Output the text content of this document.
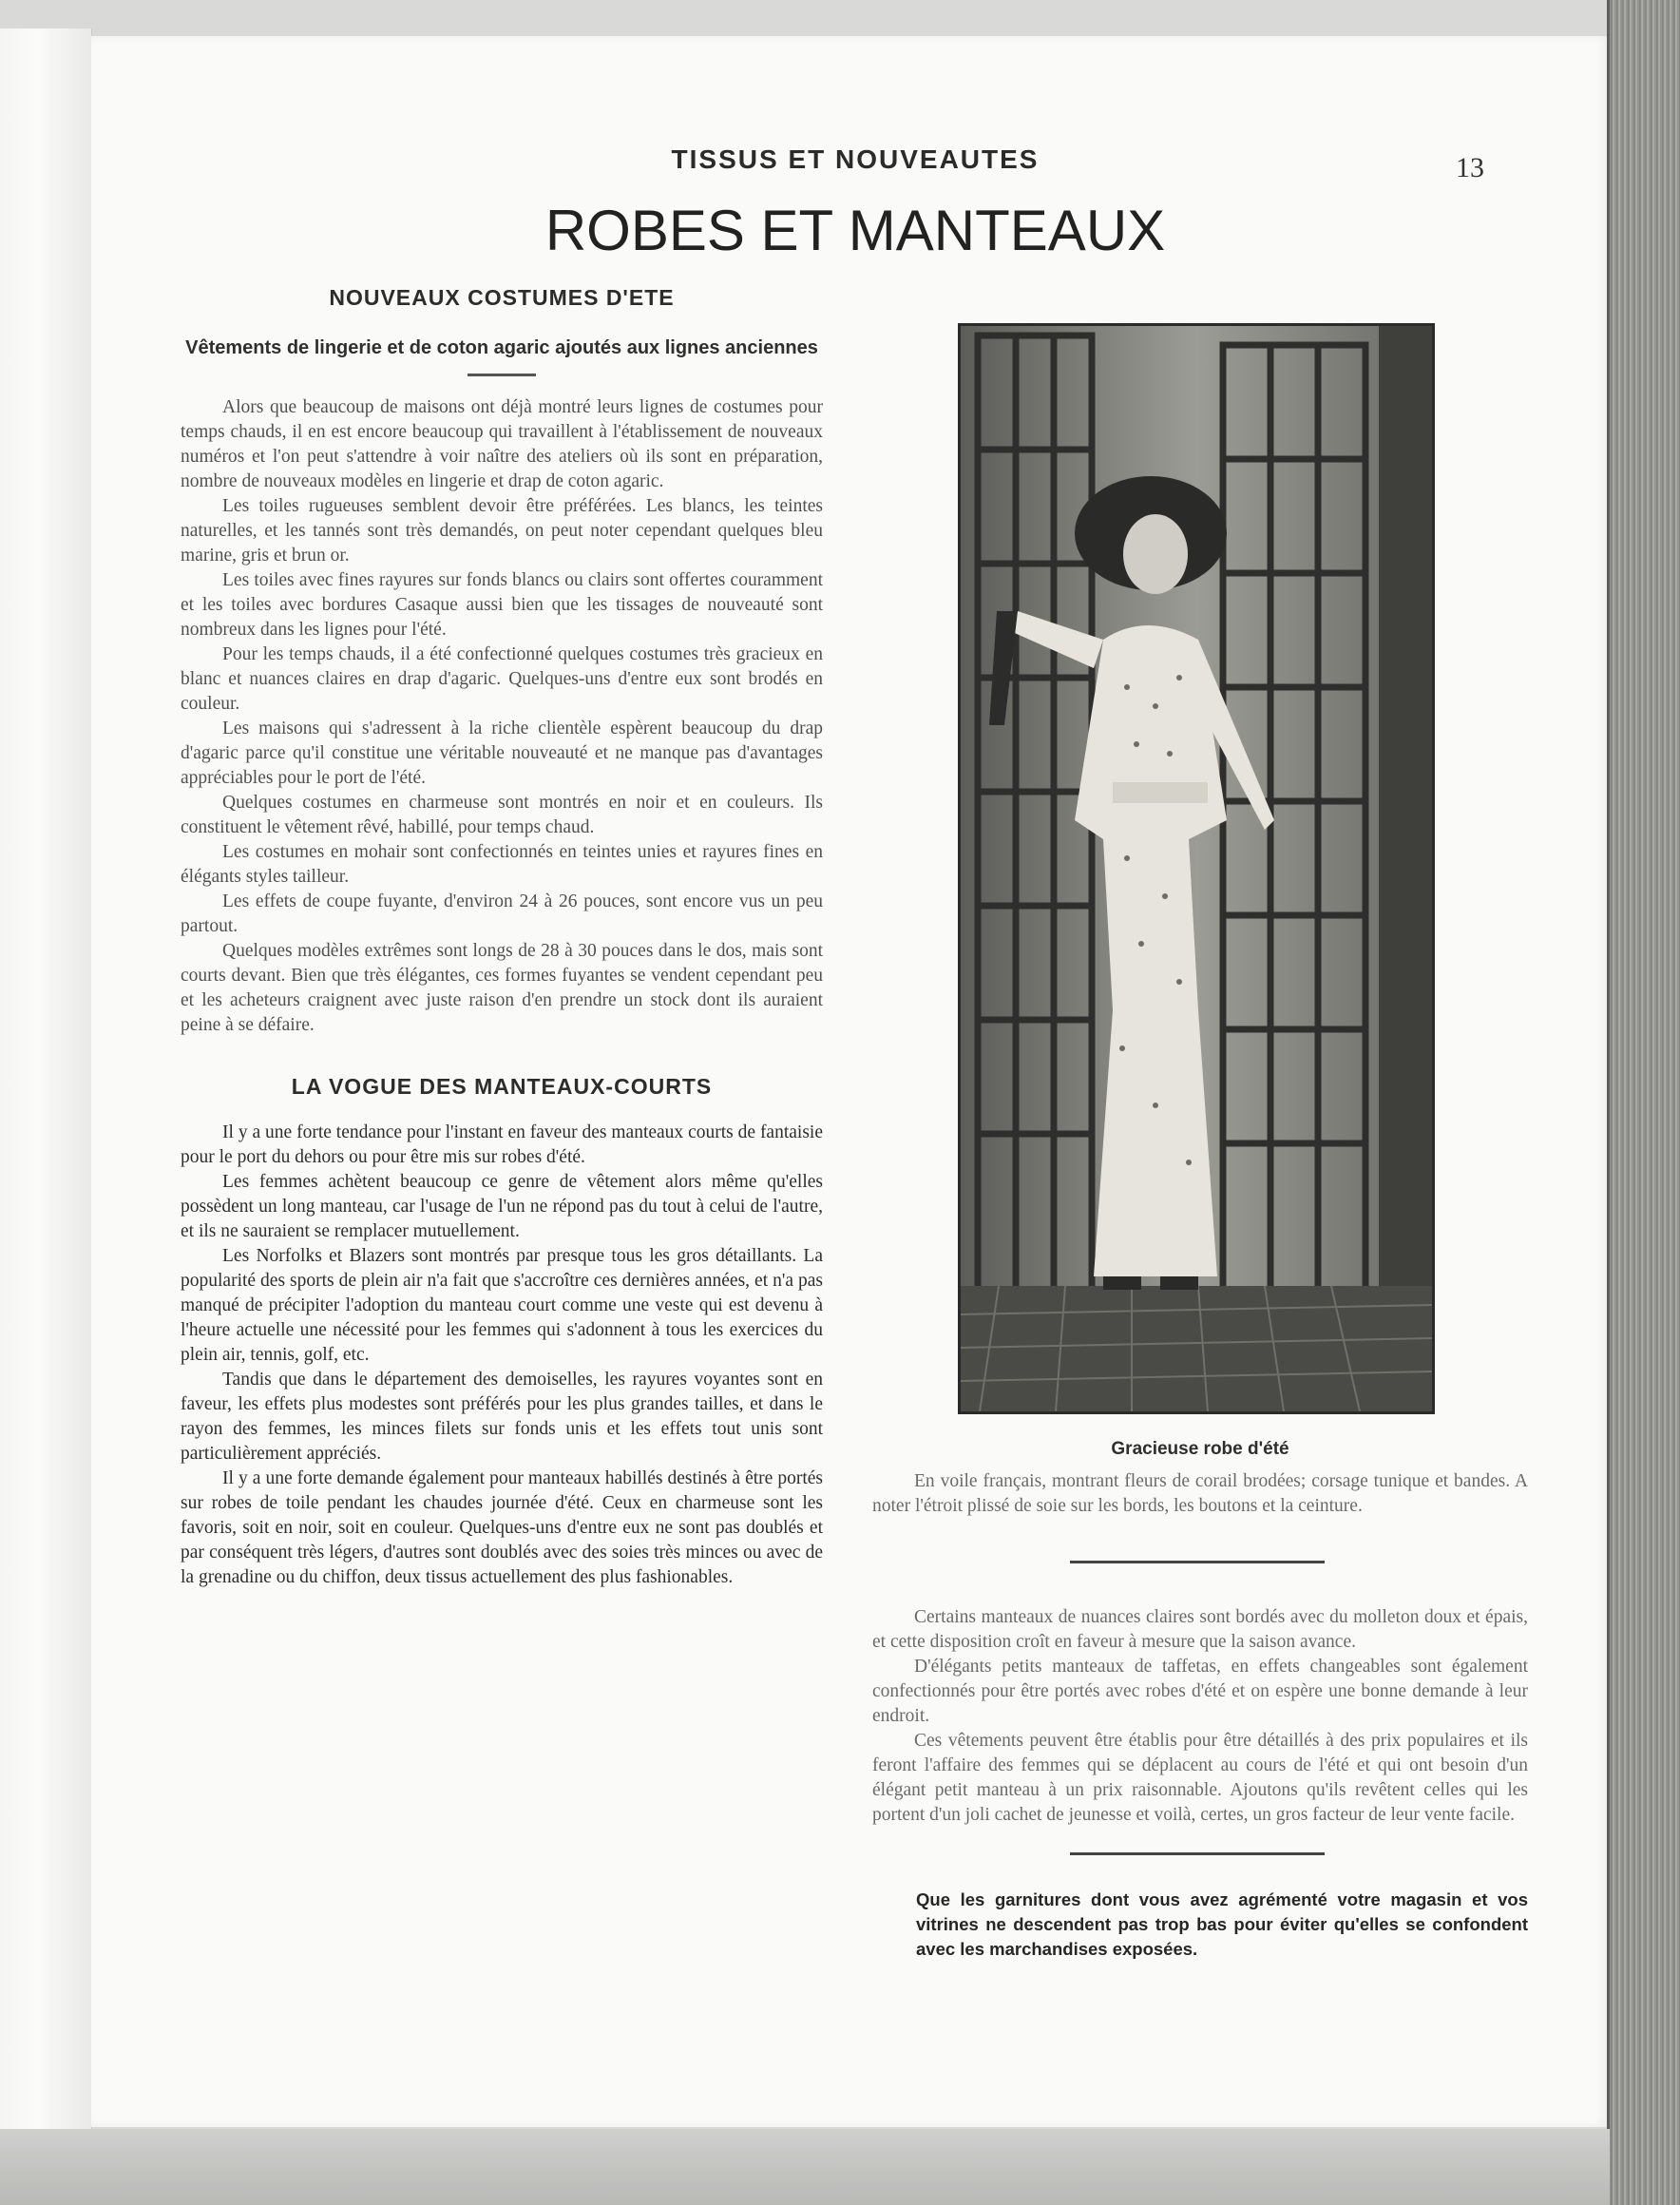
TISSUS ET NOUVEAUTES	13
ROBES ET MANTEAUX
NOUVEAUX COSTUMES D'ETE

Vêtements de lingerie et de coton agaric ajoutés aux lignes anciennes

Alors que beaucoup de maisons ont déjà montré leurs lignes de costumes pour temps chauds, il en est encore beaucoup qui travaillent à l'établissement de nouveaux numéros et l'on peut s'attendre à voir naître des ateliers où ils sont en préparation, nombre de nouveaux modèles en lingerie et drap de coton agaric.

Les toiles rugueuses semblent devoir être préférées. Les blancs, les teintes naturelles, et les tannés sont très demandés, on peut noter cependant quelques bleu marine, gris et brun or.

Les toiles avec fines rayures sur fonds blancs ou clairs sont offertes couramment et les toiles avec bordures Casaque aussi bien que les tissages de nouveauté sont nombreux dans les lignes pour l'été.

Pour les temps chauds, il a été confectionné quelques costumes très gracieux en blanc et nuances claires en drap d'agaric. Quelques-uns d'entre eux sont brodés en couleur.

Les maisons qui s'adressent à la riche clientèle espèrent beaucoup du drap d'agaric parce qu'il constitue une véritable nouveauté et ne manque pas d'avantages appréciables pour le port de l'été.

Quelques costumes en charmeuse sont montrés en noir et en couleurs. Ils constituent le vêtement rêvé, habillé, pour temps chaud.

Les costumes en mohair sont confectionnés en teintes unies et rayures fines en élégants styles tailleur.

Les effets de coupe fuyante, d'environ 24 à 26 pouces, sont encore vus un peu partout.

Quelques modèles extrêmes sont longs de 28 à 30 pouces dans le dos, mais sont courts devant. Bien que très élégantes, ces formes fuyantes se vendent cependant peu et les acheteurs craignent avec juste raison d'en prendre un stock dont ils auraient peine à se défaire.

LA VOGUE DES MANTEAUX-COURTS

Il y a une forte tendance pour l'instant en faveur des manteaux courts de fantaisie pour le port du dehors ou pour être mis sur robes d'été.

Les femmes achètent beaucoup ce genre de vêtement alors même qu'elles possèdent un long manteau, car l'usage de l'un ne répond pas du tout à celui de l'autre, et ils ne sauraient se remplacer mutuellement.

Les Norfolks et Blazers sont montrés par presque tous les gros détaillants. La popularité des sports de plein air n'a fait que s'accroître ces dernières années, et n'a pas manqué de précipiter l'adoption du manteau court comme une veste qui est devenu à l'heure actuelle une nécessité pour les femmes qui s'adonnent à tous les exercices du plein air, tennis, golf, etc.

Tandis que dans le département des demoiselles, les rayures voyantes sont en faveur, les effets plus modestes sont préférés pour les plus grandes tailles, et dans le rayon des femmes, les minces filets sur fonds unis et les effets tout unis sont particulièrement appréciés.

Il y a une forte demande également pour manteaux habillés destinés à être portés sur robes de toile pendant les chaudes journée d'été. Ceux en charmeuse sont les favoris, soit en noir, soit en couleur. Quelques-uns d'entre eux ne sont pas doublés et par conséquent très légers, d'autres sont doublés avec des soies très minces ou avec de la grenadine ou du chiffon, deux tissus actuellement des plus fashionables.

Gracieuse robe d'été

En voile français, montrant fleurs de corail brodées; corsage tunique et bandes. A noter l'étroit plissé de soie sur les bords, les boutons et la ceinture.

Certains manteaux de nuances claires sont bordés avec du molleton doux et épais, et cette disposition croît en faveur à mesure que la saison avance.

D'élégants petits manteaux de taffetas, en effets changeables sont également confectionnés pour être portés avec robes d'été et on espère une bonne demande à leur endroit.

Ces vêtements peuvent être établis pour être détaillés à des prix populaires et ils feront l'affaire des femmes qui se déplacent au cours de l'été et qui ont besoin d'un élégant petit manteau à un prix raisonnable. Ajoutons qu'ils revêtent celles qui les portent d'un joli cachet de jeunesse et voilà, certes, un gros facteur de leur vente facile.

Que les garnitures dont vous avez agrémenté votre magasin et vos vitrines ne descendent pas trop bas pour éviter qu'elles se confondent avec les marchandises exposées.
